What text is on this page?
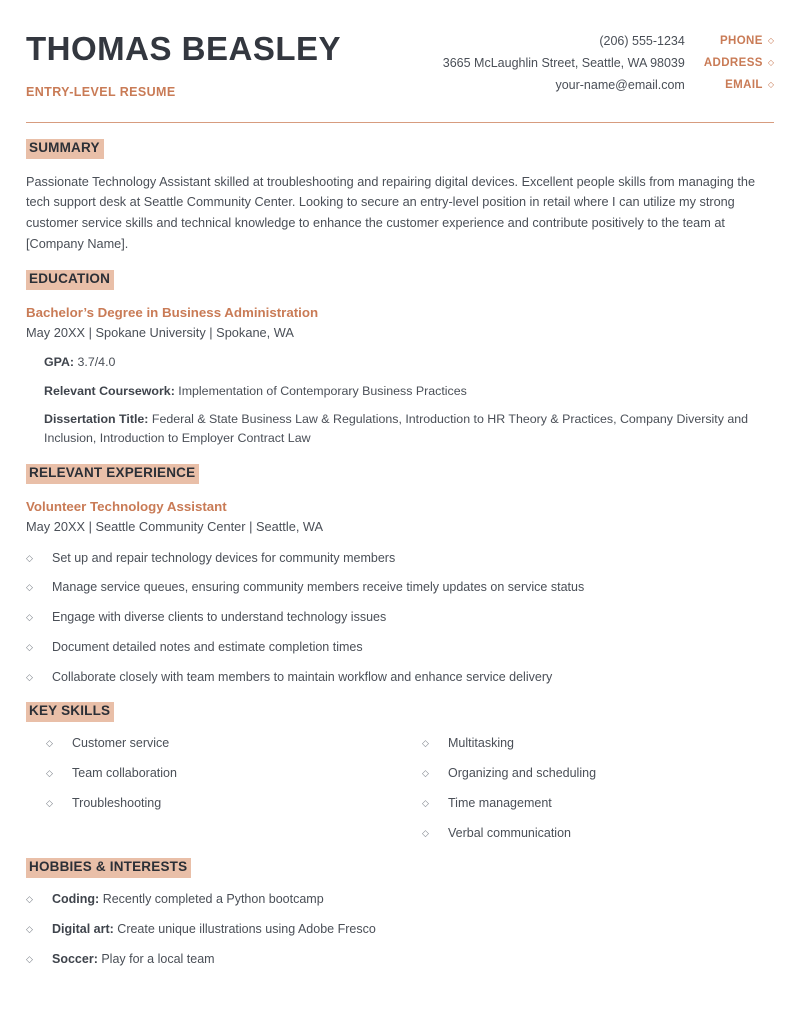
THOMAS BEASLEY
ENTRY-LEVEL RESUME
(206) 555-1234	PHONE ◇
3665 McLaughlin Street, Seattle, WA 98039	ADDRESS ◇
your-name@email.com	EMAIL ◇
SUMMARY
Passionate Technology Assistant skilled at troubleshooting and repairing digital devices. Excellent people skills from managing the tech support desk at Seattle Community Center. Looking to secure an entry-level position in retail where I can utilize my strong customer service skills and technical knowledge to enhance the customer experience and contribute positively to the team at [Company Name].
EDUCATION
Bachelor’s Degree in Business Administration
May 20XX | Spokane University | Spokane, WA
GPA: 3.7/4.0
Relevant Coursework: Implementation of Contemporary Business Practices
Dissertation Title: Federal & State Business Law & Regulations, Introduction to HR Theory & Practices, Company Diversity and Inclusion, Introduction to Employer Contract Law
RELEVANT EXPERIENCE
Volunteer Technology Assistant
May 20XX | Seattle Community Center | Seattle, WA
◇ Set up and repair technology devices for community members
◇ Manage service queues, ensuring community members receive timely updates on service status
◇ Engage with diverse clients to understand technology issues
◇ Document detailed notes and estimate completion times
◇ Collaborate closely with team members to maintain workflow and enhance service delivery
KEY SKILLS
◇ Customer service
◇ Team collaboration
◇ Troubleshooting
◇ Multitasking
◇ Organizing and scheduling
◇ Time management
◇ Verbal communication
HOBBIES & INTERESTS
◇ Coding: Recently completed a Python bootcamp
◇ Digital art: Create unique illustrations using Adobe Fresco
◇ Soccer: Play for a local team
